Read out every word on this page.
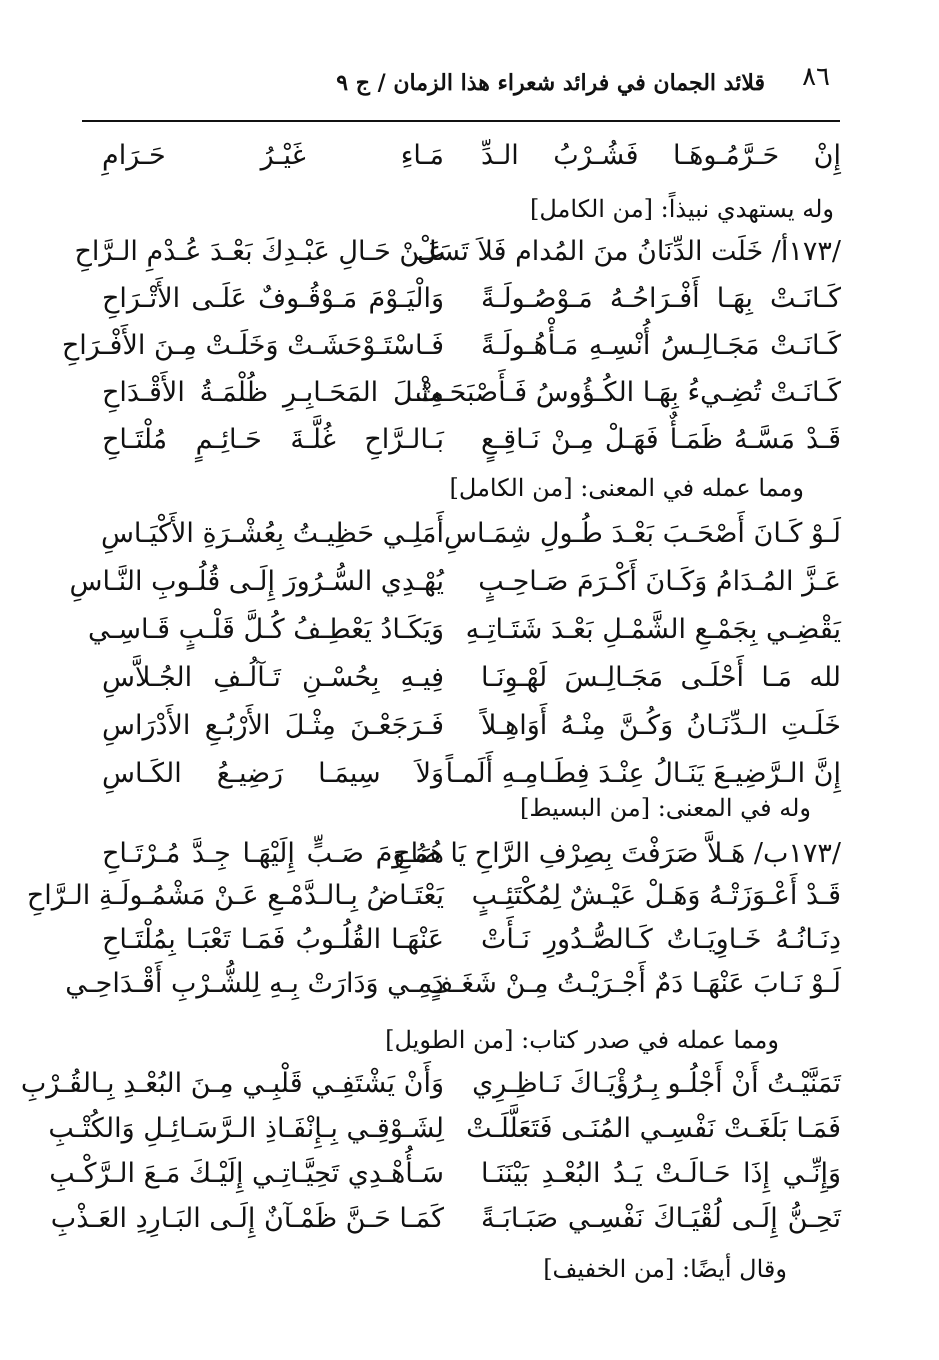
٨٦
قلائد الجمان في فرائد شعراء هذا الزمان / ج ٩
إِنْ حَـرَّمُـوهَـا فَشُـرْبُ الـدِّ
مَـاءِ غَيْـرُ حَـرَامِ
وله يستهدي نبيذاً: [من الكامل]
/١٧٣أ/ خَلَت الدِّنَانُ منَ المُدام فَلاَ تَسَلْ
عَـنْ حَـالِ عَبْـدِكَ بَعْـدَ عُـدْمِ الـرَّاحِ
كَـانَـتْ بِهَـا أَفْـرَاحُـهُ مَـوْصُـولَـةً
وَالْيَـوْمَ مَـوْقُـوفٌ عَلَـى الأَتْـرَاحِ
كَـانَـتْ مَجَـالِـسُ أُنْسِـهِ مَـأْهُـولَـةً
فَـاسْتَـوْحَشَـتْ وَخَلَـتْ مِـنَ الأَفْـرَاحِ
كَـانَـتْ تُضِـيءُ بِهَـا الكُـؤُوسُ فَـأَصْبَحَـتْ
مِثْـلَ المَحَـابِـرِ ظُلْمَـةُ الأَقْـدَاحِ
قَـدْ مَسَّـهُ ظَمَـأٌ فَهَـلْ مِـنْ نَـاقِـعٍ
بَـالـرَّاحِ غُلَّـةَ حَـائِـمٍ مُلْتَـاحِ
ومما عمله في المعنى: [من الكامل]
لَـوْ كَـانَ أَصْحَـبَ بَعْـدَ طُـولِ شِمَـاسِ
أَمَلِـي حَظِيـتُ بِعُشْـرَةِ الأَكْيَـاسِ
عَـزَّ المُـدَامُ وَكَـانَ أَكْـرَمَ صَـاحِـبٍ
يُهْـدِي السُّـرُورَ إِلَـى قُلُـوبِ النَّـاسِ
يَقْضِـي بِجَمْـعِ الشَّمْـلِ بَعْـدَ شَتَـاتِـهِ
وَيَكَـادُ يَعْطِـفُ كُـلَّ قَلْـبٍ قَـاسِـي
لله مَـا أَحْلَـى مَجَـالِـسَ لَهْـوِنَـا
فِيـهِ بِحُسْـنِ تَـآلُـفِ الجُـلاَّسِ
خَلَـتِ الـدِّنَـانُ وَكُـنَّ مِنْـهُ أَوَاهِـلاً
فَـرَجَعْـنَ مِثْـلَ الأَرْبُـعِ الأَدْرَاسِ
إِنَّ الـرَّضِيـعَ يَنَـالُ عِنْـدَ فِطَـامِـهِ أَلَمـاً
وَلاَ سِيمَـا رَضِيـعُ الكَـاسِ
وله في المعنى: [من البسيط]
/١٧٣ب/ هَـلاَّ صَرَفْتَ بِصِرْفِ الرَّاحِ يَا صَاحِ
هُمُـومَ صَـبٍّ إِلَيْهَـا جِـدَّ مُـرْتَـاحِ
قَـدْ أَعْـوَزَتْـهُ وَهَـلْ عَيْـشٌ لِمُكْتَئِـبٍ
يَعْتَـاضُ بِـالـدَّمْـعِ عَـنْ مَشْمُـولَـةِ الـرَّاحِ
دِنَـانُـهُ خَـاوِيَـاتٌ كَـالصُّـدُورِ نَـأَتْ
عَنْهَـا القُلُـوبُ فَمَـا تَعْبَـا بِمُلْتَـاحِ
لَـوْ نَـابَ عَنْهَـا دَمٌ أَجْـرَيْـتُ مِـنْ شَغَـفٍ
دَمِـي وَدَارَتْ بِـهِ لِلشُّـرْبِ أَقْـدَاحِـي
ومما عمله في صدر كتاب: [من الطويل]
تَمَنَّيْـتُ أَنْ أَجْلُـو بِـرُؤْيَـاكَ نَـاظِـرِي
وَأَنْ يَشْتَفِـي قَلْبِـي مِـنَ البُعْـدِ بِـالقُـرْبِ
فَمَـا بَلَغَـتْ نَفْسِـي المُنَـى فَتَعَلَّلَـتْ
لِشَـوْقِـي بِـإِنْفَـاذِ الـرَّسَـائِـلِ وَالكُتْـبِ
وَإِنِّـي إِذَا حَـالَـتْ يَـدُ البُعْـدِ بَيْنَنَـا
سَـأُهْـدِي تَحِيَّـاتِـي إِلَيْـكَ مَـعَ الـرَّكْـبِ
تَحِـنُّ إِلَـى لُقْيَـاكَ نَفْسِـي صَبَـابَـةً
كَمَـا حَـنَّ ظَمْـآنٌ إِلَـى البَـارِدِ العَـذْبِ
وقال أيضًا: [من الخفيف]
